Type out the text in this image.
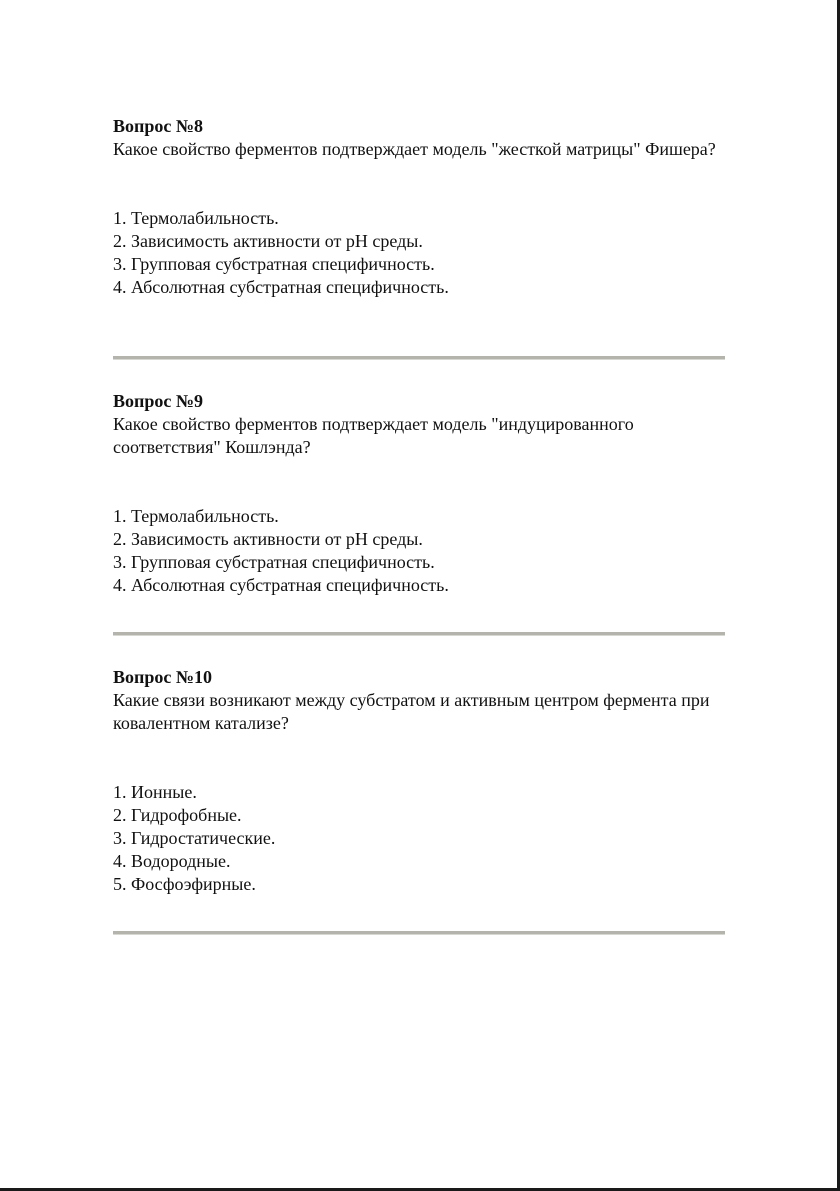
Вопрос №8

Какое свойство ферментов подтверждает модель "жесткой матрицы" Фишера?

1. Термолабильность.
2. Зависимость активности от pH среды.
3. Групповая субстратная специфичность.
4. Абсолютная субстратная специфичность.

Вопрос №9

Какое свойство ферментов подтверждает модель "индуцированного соответствия" Кошлэнда?

1. Термолабильность.
2. Зависимость активности от pH среды.
3. Групповая субстратная специфичность.
4. Абсолютная субстратная специфичность.

Вопрос №10

Какие связи возникают между субстратом и активным центром фермента при ковалентном катализе?

1. Ионные.
2. Гидрофобные.
3. Гидростатические.
4. Водородные.
5. Фосфоэфирные.
